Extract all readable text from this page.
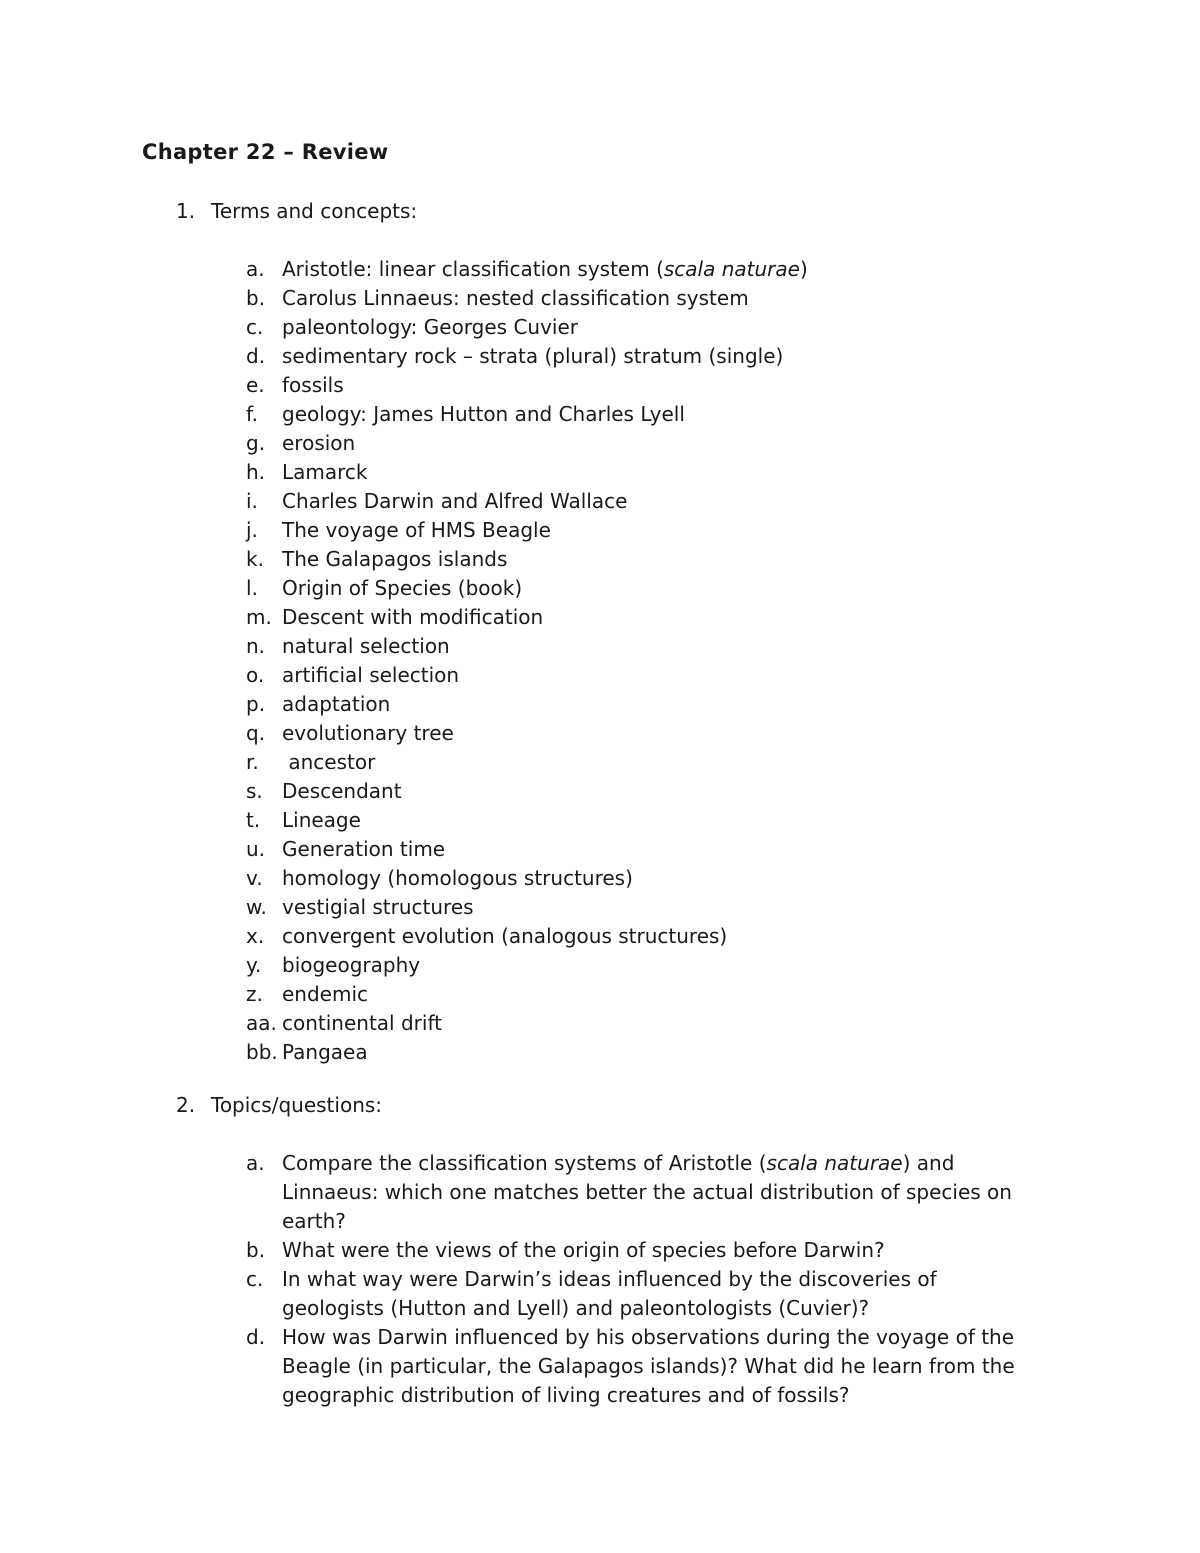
Chapter 22 – Review
1. Terms and concepts:
a. Aristotle: linear classification system (scala naturae)
b. Carolus Linnaeus: nested classification system
c. paleontology: Georges Cuvier
d. sedimentary rock – strata (plural) stratum (single)
e. fossils
f. geology: James Hutton and Charles Lyell
g. erosion
h. Lamarck
i. Charles Darwin and Alfred Wallace
j. The voyage of HMS Beagle
k. The Galapagos islands
l. Origin of Species (book)
m. Descent with modification
n. natural selection
o. artificial selection
p. adaptation
q. evolutionary tree
r. ancestor
s. Descendant
t. Lineage
u. Generation time
v. homology (homologous structures)
w. vestigial structures
x. convergent evolution (analogous structures)
y. biogeography
z. endemic
aa. continental drift
bb. Pangaea
2. Topics/questions:
a. Compare the classification systems of Aristotle (scala naturae) and Linnaeus: which one matches better the actual distribution of species on earth?
b. What were the views of the origin of species before Darwin?
c. In what way were Darwin’s ideas influenced by the discoveries of geologists (Hutton and Lyell) and paleontologists (Cuvier)?
d. How was Darwin influenced by his observations during the voyage of the Beagle (in particular, the Galapagos islands)? What did he learn from the geographic distribution of living creatures and of fossils?
